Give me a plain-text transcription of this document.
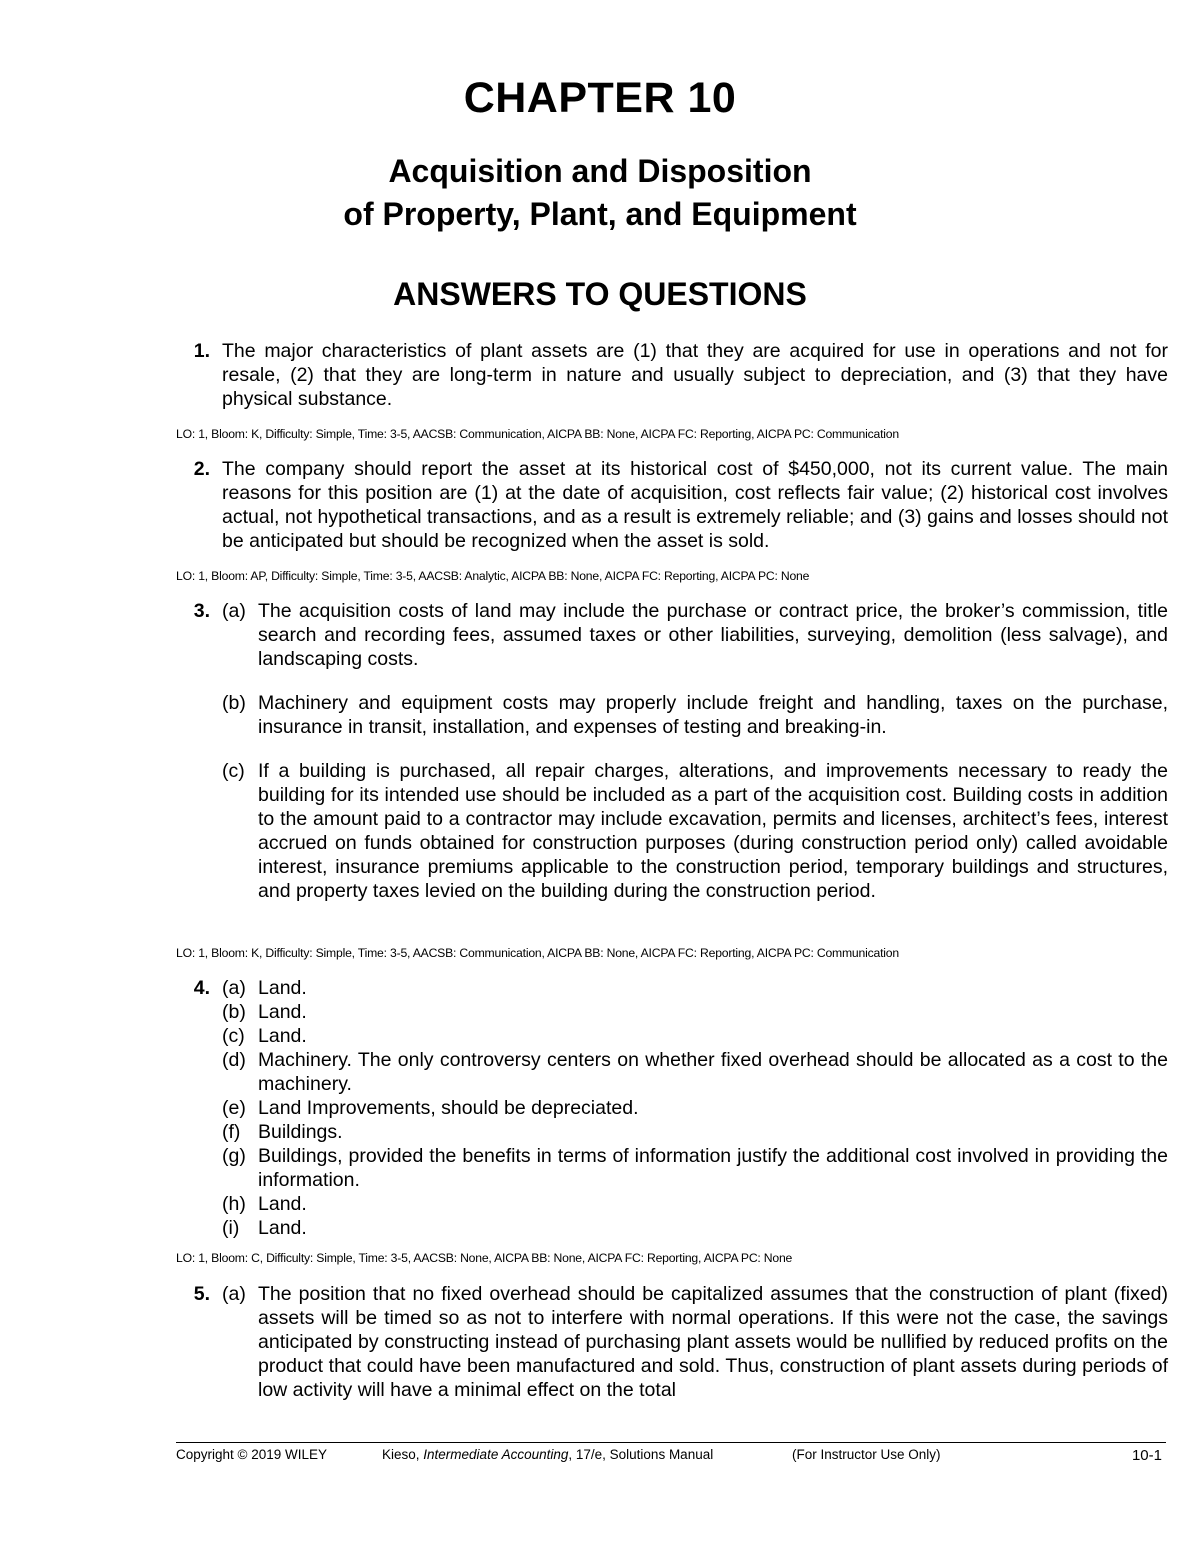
CHAPTER 10
Acquisition and Disposition
of Property, Plant, and Equipment
ANSWERS TO QUESTIONS
1. The major characteristics of plant assets are (1) that they are acquired for use in operations and not for resale, (2) that they are long-term in nature and usually subject to depreciation, and (3) that they have physical substance.
LO: 1, Bloom: K, Difficulty: Simple, Time: 3-5, AACSB: Communication, AICPA BB: None, AICPA FC: Reporting, AICPA PC: Communication
2. The company should report the asset at its historical cost of $450,000, not its current value. The main reasons for this position are (1) at the date of acquisition, cost reflects fair value; (2) historical cost involves actual, not hypothetical transactions, and as a result is extremely reliable; and (3) gains and losses should not be anticipated but should be recognized when the asset is sold.
LO: 1, Bloom: AP, Difficulty: Simple, Time: 3-5, AACSB: Analytic, AICPA BB: None, AICPA FC: Reporting, AICPA PC: None
3. (a) The acquisition costs of land may include the purchase or contract price, the broker’s commission, title search and recording fees, assumed taxes or other liabilities, surveying, demolition (less salvage), and landscaping costs.
(b) Machinery and equipment costs may properly include freight and handling, taxes on the purchase, insurance in transit, installation, and expenses of testing and breaking-in.
(c) If a building is purchased, all repair charges, alterations, and improvements necessary to ready the building for its intended use should be included as a part of the acquisition cost. Building costs in addition to the amount paid to a contractor may include excavation, permits and licenses, architect’s fees, interest accrued on funds obtained for construction purposes (during construction period only) called avoidable interest, insurance premiums applicable to the construction period, temporary buildings and structures, and property taxes levied on the building during the construction period.
LO: 1, Bloom: K, Difficulty: Simple, Time: 3-5, AACSB: Communication, AICPA BB: None, AICPA FC: Reporting, AICPA PC: Communication
4. (a) Land.
(b) Land.
(c) Land.
(d) Machinery. The only controversy centers on whether fixed overhead should be allocated as a cost to the machinery.
(e) Land Improvements, should be depreciated.
(f) Buildings.
(g) Buildings, provided the benefits in terms of information justify the additional cost involved in providing the information.
(h) Land.
(i) Land.
LO: 1, Bloom: C, Difficulty: Simple, Time: 3-5, AACSB: None, AICPA BB: None, AICPA FC: Reporting, AICPA PC: None
5. (a) The position that no fixed overhead should be capitalized assumes that the construction of plant (fixed) assets will be timed so as not to interfere with normal operations. If this were not the case, the savings anticipated by constructing instead of purchasing plant assets would be nullified by reduced profits on the product that could have been manufactured and sold. Thus, construction of plant assets during periods of low activity will have a minimal effect on the total
Copyright © 2019 WILEY	Kieso, Intermediate Accounting, 17/e, Solutions Manual	(For Instructor Use Only)	10-1
